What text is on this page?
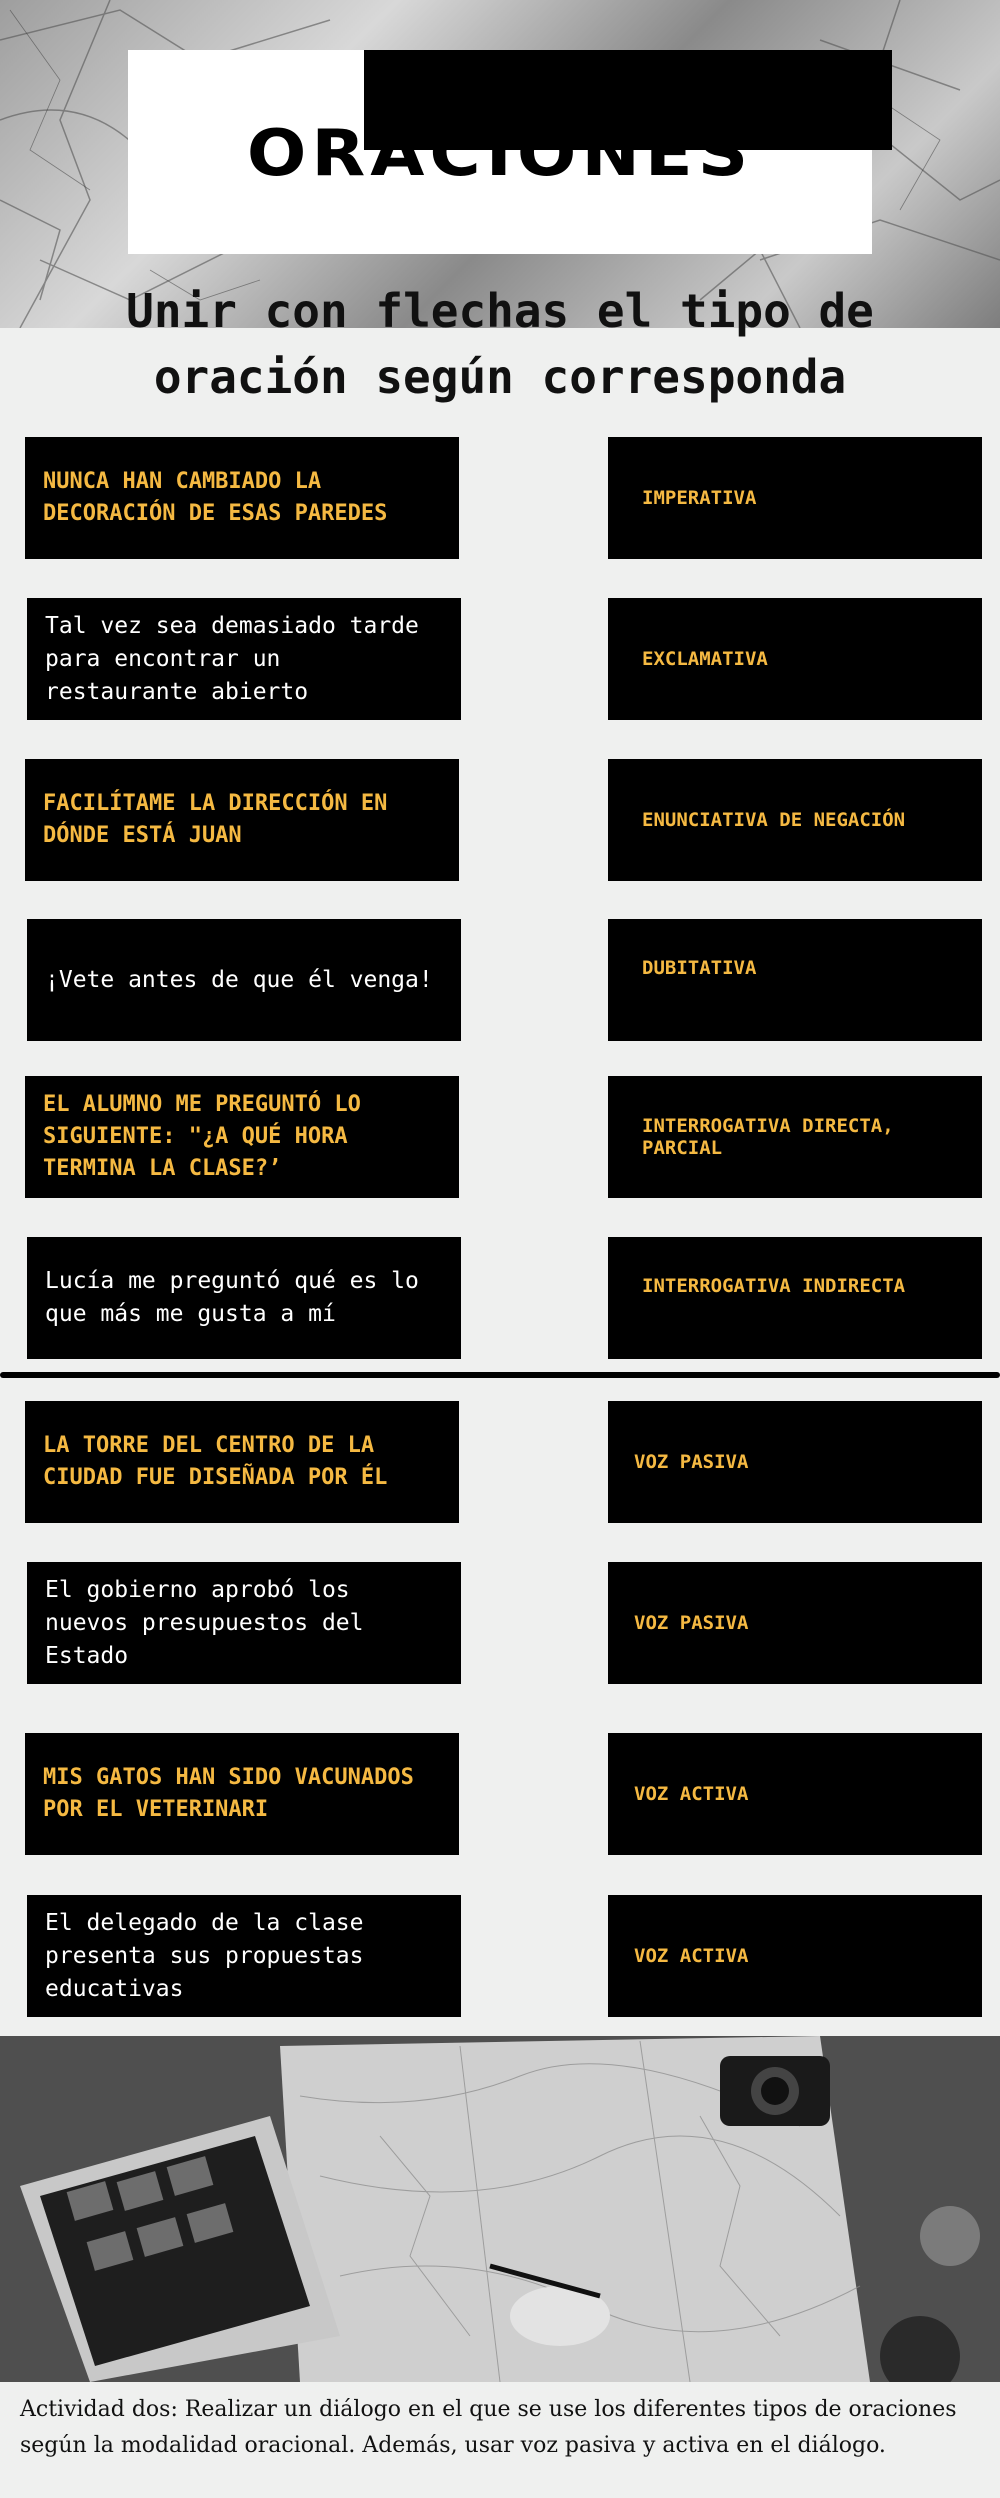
ORACIONES
Unir con flechas el tipo de
oración según corresponda
NUNCA HAN CAMBIADO LA DECORACIÓN DE ESAS PAREDES
IMPERATIVA
Tal vez sea demasiado tarde para encontrar un restaurante abierto
EXCLAMATIVA
FACILÍTAME LA DIRECCIÓN EN DÓNDE ESTÁ JUAN
ENUNCIATIVA DE NEGACIÓN
¡Vete antes de que él venga!	DUBITATIVA
EL ALUMNO ME PREGUNTÓ LO SIGUIENTE: "¿A QUÉ HORA TERMINA LA CLASE?’
INTERROGATIVA DIRECTA, PARCIAL
Lucía me preguntó qué es lo que más me gusta a mí
INTERROGATIVA INDIRECTA
LA TORRE DEL CENTRO DE LA CIUDAD FUE DISEÑADA POR ÉL
VOZ PASIVA
El gobierno aprobó los nuevos presupuestos del Estado
VOZ PASIVA
MIS GATOS HAN SIDO VACUNADOS POR EL VETERINARI
VOZ ACTIVA
El delegado de la clase presenta sus propuestas educativas
VOZ ACTIVA
Actividad dos: Realizar un diálogo en el que se use los diferentes tipos de oraciones
según la modalidad oracional. Además, usar voz pasiva y activa en el diálogo.
